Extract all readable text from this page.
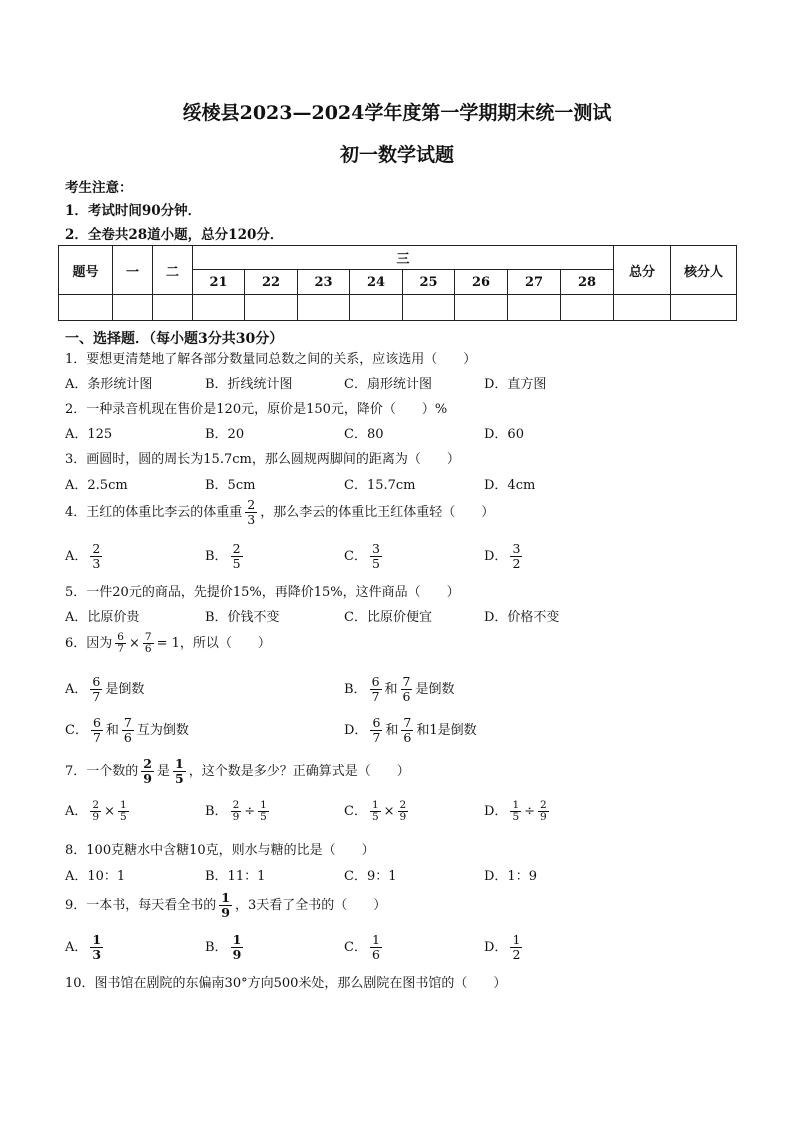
绥棱县2023—2024学年度第一学期期末统一测试
初一数学试题
考生注意：
1．考试时间90分钟．
2．全卷共28道小题，总分120分．
题号	一	二	三								总分	核分人
			21	22	23	24	25	26	27	28		

一、选择题．（每小题3分共30分）
1．要想更清楚地了解各部分数量同总数之间的关系，应该选用（　　）
A．条形统计图	B．折线统计图	C．扇形统计图	D．直方图
2．一种录音机现在售价是120元，原价是150元，降价（　　）%
A．125	B．20	C．80	D．60
3．画圆时，圆的周长为15.7cm，那么圆规两脚间的距离为（　　）
A．2.5cm	B．5cm	C．15.7cm	D．4cm
4．王红的体重比李云的体重重 $\frac{2}{3}$ ，那么李云的体重比王红体重轻（　　）
A． $\frac{2}{3}$	B． $\frac{2}{5}$	C． $\frac{3}{5}$	D． $\frac{3}{2}$
5．一件20元的商品，先提价15%，再降价15%，这件商品（　　）
A．比原价贵	B．价钱不变	C．比原价便宜	D．价格不变
6．因为 $\frac{6}{7} \times \frac{7}{6} = 1$，所以（　　）
A． $\frac{6}{7}$ 是倒数	B． $\frac{6}{7}$ 和 $\frac{7}{6}$ 是倒数
C． $\frac{6}{7}$ 和 $\frac{7}{6}$ 互为倒数	D． $\frac{6}{7}$ 和 $\frac{7}{6}$ 和1是倒数
7．一个数的 $\frac{2}{9}$ 是 $\frac{1}{5}$ ，这个数是多少？正确算式是（　　）
A． $\frac{2}{9} \times \frac{1}{5}$	B． $\frac{2}{9} \div \frac{1}{5}$	C． $\frac{1}{5} \times \frac{2}{9}$	D． $\frac{1}{5} \div \frac{2}{9}$
8．100克糖水中含糖10克，则水与糖的比是（　　）
A．10：1	B．11：1	C．9：1	D．1：9
9．一本书，每天看全书的 $\frac{1}{9}$ ，3天看了全书的（　　）
A． $\frac{1}{3}$	B． $\frac{1}{9}$	C． $\frac{1}{6}$	D． $\frac{1}{2}$
10．图书馆在剧院的东偏南30°方向500米处，那么剧院在图书馆的（　　）
